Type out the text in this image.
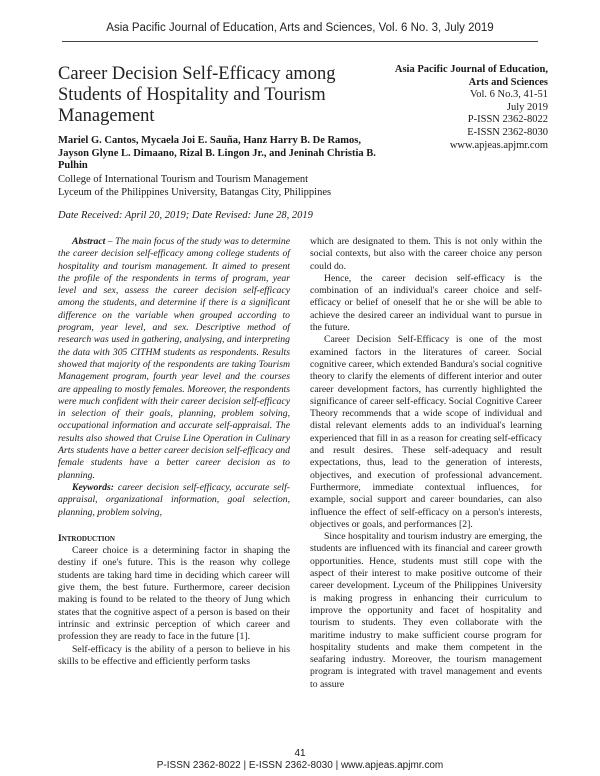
Asia Pacific Journal of Education, Arts and Sciences, Vol. 6 No. 3, July 2019
Career Decision Self-Efficacy among Students of Hospitality and Tourism Management
Asia Pacific Journal of Education, Arts and Sciences
Vol. 6 No.3, 41-51
July 2019
P-ISSN 2362-8022
E-ISSN 2362-8030
www.apjeas.apjmr.com
Mariel G. Cantos, Mycaela Joi E. Sauña, Hanz Harry B. De Ramos, Jayson Glyne L. Dimaano, Rizal B. Lingon Jr., and Jeninah Christia B. Pulhin
College of International Tourism and Tourism Management
Lyceum of the Philippines University, Batangas City, Philippines
Date Received: April 20, 2019; Date Revised: June 28, 2019

Abstract – The main focus of the study was to determine the career decision self-efficacy among college students of hospitality and tourism management. It aimed to present the profile of the respondents in terms of program, year level and sex, assess the career decision self-efficacy among the students, and determine if there is a significant difference on the variable when grouped according to program, year level, and sex. Descriptive method of research was used in gathering, analysing, and interpreting the data with 305 CITHM students as respondents. Results showed that majority of the respondents are taking Tourism Management program, fourth year level and the courses are appealing to mostly females. Moreover, the respondents were much confident with their career decision self-efficacy in selection of their goals, planning, problem solving, occupational information and accurate self-appraisal. The results also showed that Cruise Line Operation in Culinary Arts students have a better career decision self-efficacy and female students have a better career decision as to planning.

Keywords: career decision self-efficacy, accurate self-appraisal, organizational information, goal selection, planning, problem solving,

Introduction

Career choice is a determining factor in shaping the destiny if one's future. This is the reason why college students are taking hard time in deciding which career will give them, the best future. Furthermore, career decision making is found to be related to the theory of Jung which states that the cognitive aspect of a person is based on their intrinsic and extrinsic perception of which career and profession they are ready to face in the future [1].

Self-efficacy is the ability of a person to believe in his skills to be effective and efficiently perform tasks

which are designated to them. This is not only within the social contexts, but also with the career choice any person could do.

Hence, the career decision self-efficacy is the combination of an individual's career choice and self-efficacy or belief of oneself that he or she will be able to achieve the desired career an individual want to pursue in the future.

Career Decision Self-Efficacy is one of the most examined factors in the literatures of career. Social cognitive career, which extended Bandura's social cognitive theory to clarify the elements of different interior and outer career development factors, has currently highlighted the significance of career self-efficacy. Social Cognitive Career Theory recommends that a wide scope of individual and distal relevant elements adds to an individual's learning experienced that fill in as a reason for creating self-efficacy and result desires. These self-adequacy and result expectations, thus, lead to the generation of interests, objectives, and execution of professional advancement. Furthermore, immediate contextual influences, for example, social support and career boundaries, can also influence the effect of self-efficacy on a person's interests, objectives or goals, and performances [2].

Since hospitality and tourism industry are emerging, the students are influenced with its financial and career growth opportunities. Hence, students must still cope with the aspect of their interest to make positive outcome of their career development. Lyceum of the Philippines University is making progress in enhancing their curriculum to improve the opportunity and facet of hospitality and tourism to students. They even collaborate with the maritime industry to make sufficient course program for hospitality students and make them competent in the seafaring industry. Moreover, the tourism management program is integrated with travel management and events to assure

41
P-ISSN 2362-8022 | E-ISSN 2362-8030 | www.apjeas.apjmr.com
